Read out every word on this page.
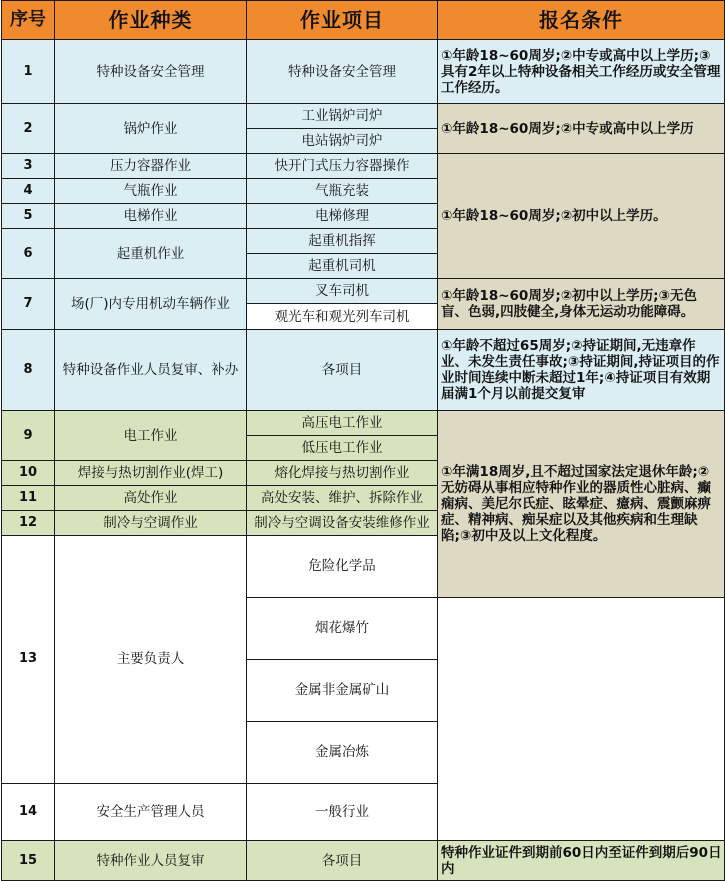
序号	作业种类	作业项目	报名条件	
1	特种设备安全管理	特种设备安全管理	①年龄18~60周岁;②中专或高中以上学历;③具有2年以上特种设备相关工作经历或安全管理工作经历。	

2	锅炉作业	工业锅炉司炉	①年龄18~60周岁;②中专或高中以上学历	

		电站锅炉司炉		
3	压力容器作业	快开门式压力容器操作	①年龄18~60周岁;②初中以上学历。	

4	气瓶作业	气瓶充装		
5	电梯作业	电梯修理		
6	起重机作业	起重机指挥		
		起重机司机		
7	场(厂)内专用机动车辆作业	叉车司机	①年龄18~60周岁;②初中以上学历;③无色盲、色弱,四肢健全,身体无运动功能障碍。	

		观光车和观光列车司机		
8	特种设备作业人员复审、补办	各项目	①年龄不超过65周岁;②持证期间,无违章作业、未发生责任事故;③持证期间,持证项目的作业时间连续中断未超过1年;④持证项目有效期届满1个月以前提交复审	

9	电工作业	高压电工作业	①年满18周岁,且不超过国家法定退休年龄;②无妨碍从事相应特种作业的器质性心脏病、癫痫病、美尼尔氏症、眩晕症、癔病、震颤麻痹症、精神病、痴呆症以及其他疾病和生理缺陷;③初中及以上文化程度。	

		低压电工作业		
10	焊接与热切割作业(焊工)	熔化焊接与热切割作业		
11	高处作业	高处安装、维护、拆除作业		
12	制冷与空调作业	制冷与空调设备安装维修作业		
13	主要负责人	危险化学品	

		烟花爆竹		
		金属非金属矿山		
		金属冶炼		
14	安全生产管理人员	一般行业		
15	特种作业人员复审	各项目	特种作业证件到期前60日内至证件到期后90日内	
